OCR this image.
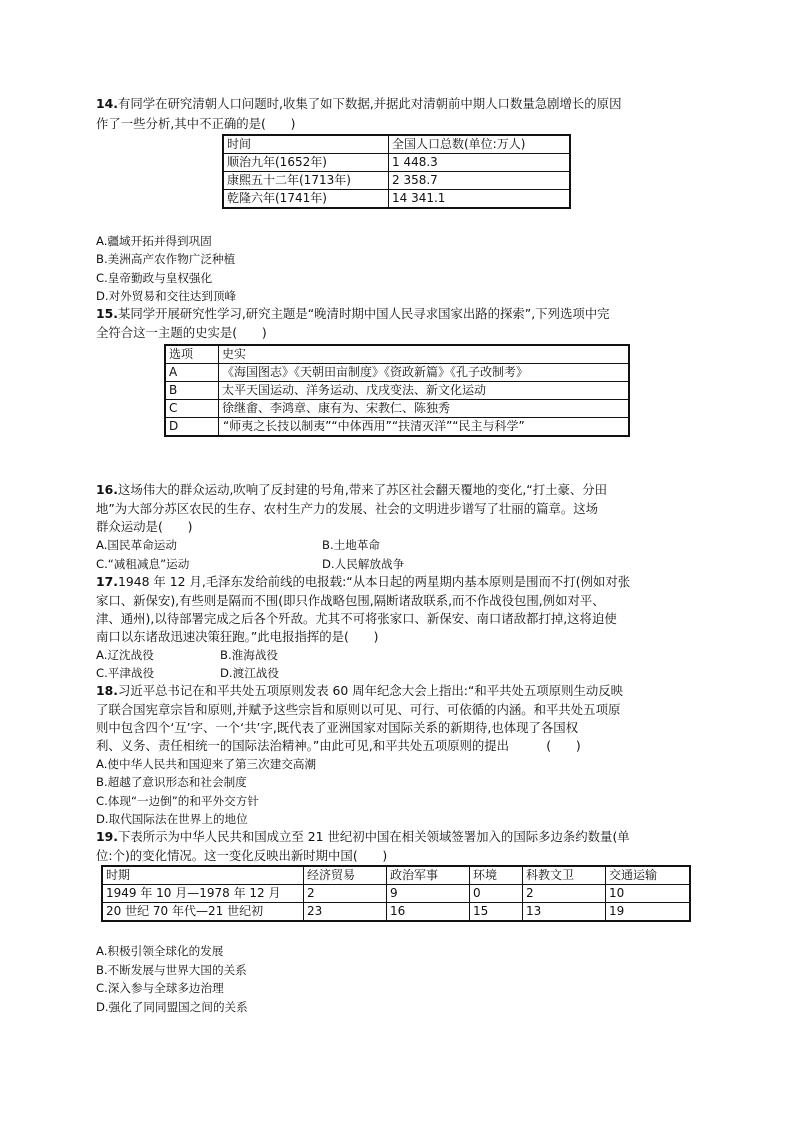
14.有同学在研究清朝人口问题时,收集了如下数据,并据此对清朝前中期人口数量急剧增长的原因
作了一些分析,其中不正确的是(　　)
时间	全国人口总数(单位:万人)
顺治九年(1652年)	1 448.3
康熙五十二年(1713年)	2 358.7
乾隆六年(1741年)	14 341.1
A.疆域开拓并得到巩固
B.美洲高产农作物广泛种植
C.皇帝勤政与皇权强化
D.对外贸易和交往达到顶峰
15.某同学开展研究性学习,研究主题是“晚清时期中国人民寻求国家出路的探索”,下列选项中完
全符合这一主题的史实是(　　)
选项	史实
A	《海国图志》《天朝田亩制度》《资政新篇》《孔子改制考》
B	太平天国运动、洋务运动、戊戌变法、新文化运动
C	徐继畬、李鸿章、康有为、宋教仁、陈独秀
D	“师夷之长技以制夷”“中体西用”“扶清灭洋”“民主与科学”
16.这场伟大的群众运动,吹响了反封建的号角,带来了苏区社会翻天覆地的变化,“打土豪、分田
地”为大部分苏区农民的生存、农村生产力的发展、社会的文明进步谱写了壮丽的篇章。这场
群众运动是(　　)
A.国民革命运动	B.土地革命
C.“减租减息”运动	D.人民解放战争
17.1948 年 12 月,毛泽东发给前线的电报载:“从本日起的两星期内基本原则是围而不打(例如对张
家口、新保安),有些则是隔而不围(即只作战略包围,隔断诸敌联系,而不作战役包围,例如对平、
津、通州),以待部署完成之后各个歼敌。尤其不可将张家口、新保安、南口诸敌都打掉,这将迫使
南口以东诸敌迅速决策狂跑。”此电报指挥的是(　　)
A.辽沈战役	B.淮海战役
C.平津战役	D.渡江战役
18.习近平总书记在和平共处五项原则发表 60 周年纪念大会上指出:“和平共处五项原则生动反映
了联合国宪章宗旨和原则,并赋予这些宗旨和原则以可见、可行、可依循的内涵。和平共处五项原
则中包含四个‘互’字、一个‘共’字,既代表了亚洲国家对国际关系的新期待,也体现了各国权
利、义务、责任相统一的国际法治精神。”由此可见,和平共处五项原则的提出　　　(　　)
A.使中华人民共和国迎来了第三次建交高潮
B.超越了意识形态和社会制度
C.体现“一边倒”的和平外交方针
D.取代国际法在世界上的地位
19.下表所示为中华人民共和国成立至 21 世纪初中国在相关领域签署加入的国际多边条约数量(单
位:个)的变化情况。这一变化反映出新时期中国(　　)
时期	经济贸易	政治军事	环境	科教文卫	交通运输
1949 年 10 月—1978 年 12 月	2	9	0	2	10
20 世纪 70 年代—21 世纪初	23	16	15	13	19
A.积极引领全球化的发展
B.不断发展与世界大国的关系
C.深入参与全球多边治理
D.强化了同同盟国之间的关系
